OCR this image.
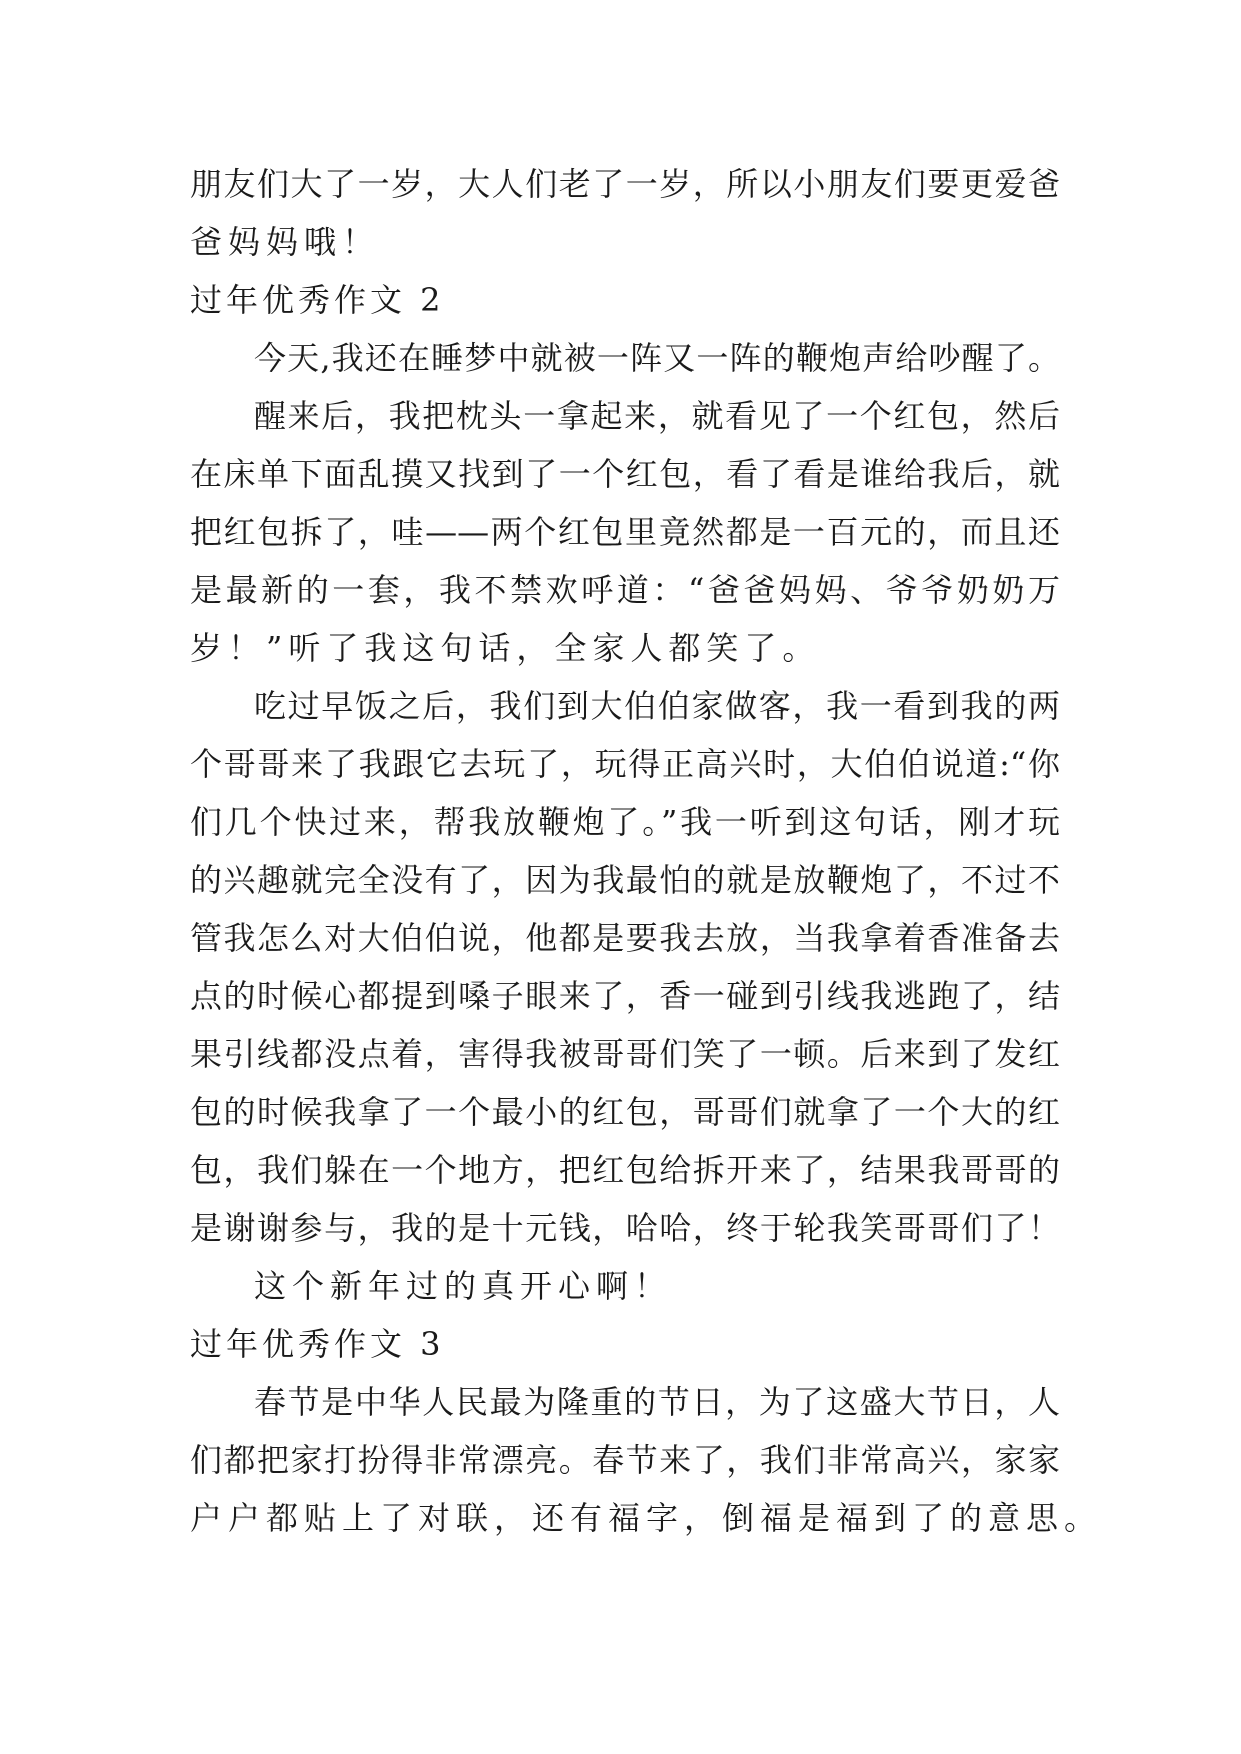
朋友们大了一岁，大人们老了一岁，所以小朋友们要更爱爸
爸妈妈哦！
过年优秀作文 2
今天,我还在睡梦中就被一阵又一阵的鞭炮声给吵醒了。
醒来后，我把枕头一拿起来，就看见了一个红包，然后
在床单下面乱摸又找到了一个红包，看了看是谁给我后，就
把红包拆了，哇——两个红包里竟然都是一百元的，而且还
是最新的一套，我不禁欢呼道：“爸爸妈妈、爷爷奶奶万
岁！”听了我这句话，全家人都笑了。
吃过早饭之后，我们到大伯伯家做客，我一看到我的两
个哥哥来了我跟它去玩了，玩得正高兴时，大伯伯说道:“你
们几个快过来，帮我放鞭炮了。”我一听到这句话，刚才玩
的兴趣就完全没有了，因为我最怕的就是放鞭炮了，不过不
管我怎么对大伯伯说，他都是要我去放，当我拿着香准备去
点的时候心都提到嗓子眼来了，香一碰到引线我逃跑了，结
果引线都没点着，害得我被哥哥们笑了一顿。后来到了发红
包的时候我拿了一个最小的红包，哥哥们就拿了一个大的红
包，我们躲在一个地方，把红包给拆开来了，结果我哥哥的
是谢谢参与，我的是十元钱，哈哈，终于轮我笑哥哥们了！
这个新年过的真开心啊！
过年优秀作文 3
春节是中华人民最为隆重的节日，为了这盛大节日，人
们都把家打扮得非常漂亮。春节来了，我们非常高兴，家家
户户都贴上了对联，还有福字，倒福是福到了的意思。
